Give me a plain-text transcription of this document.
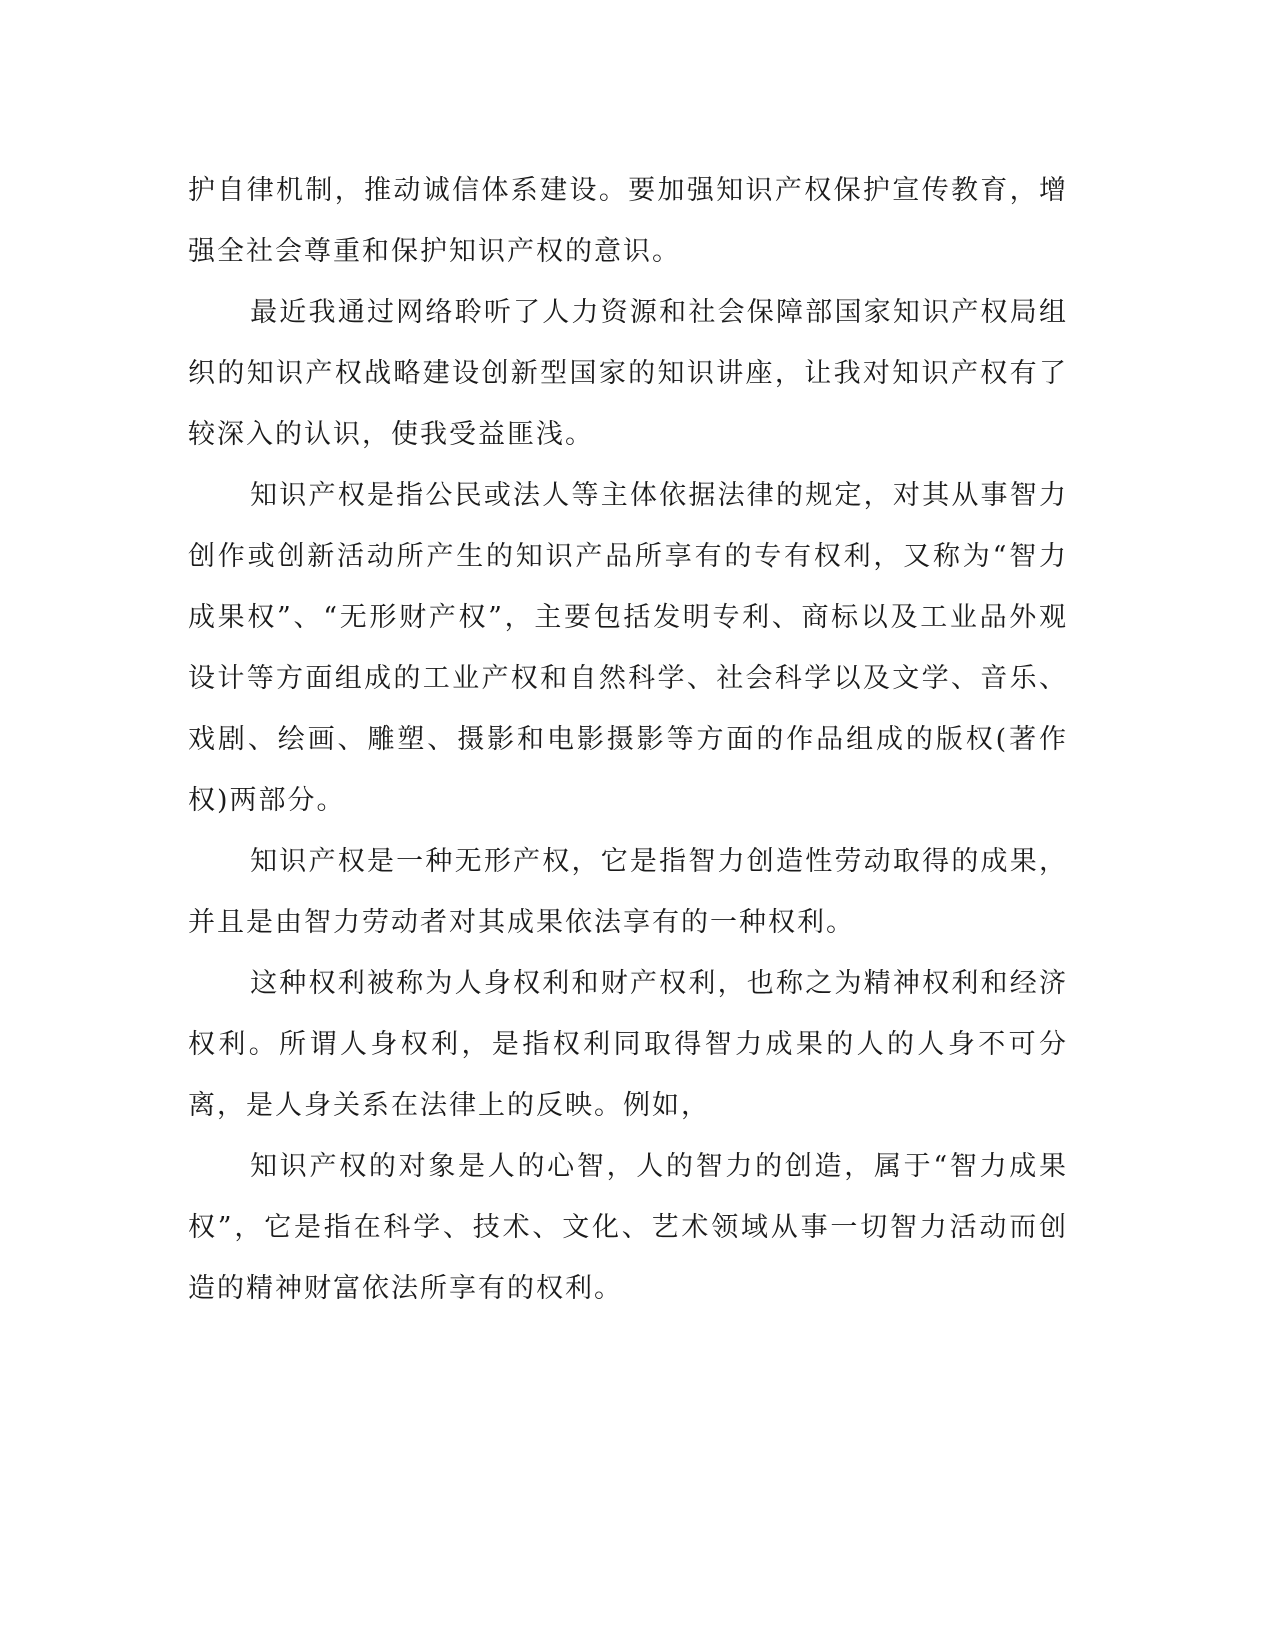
护自律机制，推动诚信体系建设。要加强知识产权保护宣传教育，增强全社会尊重和保护知识产权的意识。

最近我通过网络聆听了人力资源和社会保障部国家知识产权局组织的知识产权战略建设创新型国家的知识讲座，让我对知识产权有了较深入的认识，使我受益匪浅。

知识产权是指公民或法人等主体依据法律的规定，对其从事智力创作或创新活动所产生的知识产品所享有的专有权利，又称为“智力成果权”、“无形财产权”，主要包括发明专利、商标以及工业品外观设计等方面组成的工业产权和自然科学、社会科学以及文学、音乐、戏剧、绘画、雕塑、摄影和电影摄影等方面的作品组成的版权(著作权)两部分。

知识产权是一种无形产权，它是指智力创造性劳动取得的成果，并且是由智力劳动者对其成果依法享有的一种权利。

这种权利被称为人身权利和财产权利，也称之为精神权利和经济权利。所谓人身权利，是指权利同取得智力成果的人的人身不可分离，是人身关系在法律上的反映。例如，

知识产权的对象是人的心智，人的智力的创造，属于“智力成果权”，它是指在科学、技术、文化、艺术领域从事一切智力活动而创造的精神财富依法所享有的权利。
